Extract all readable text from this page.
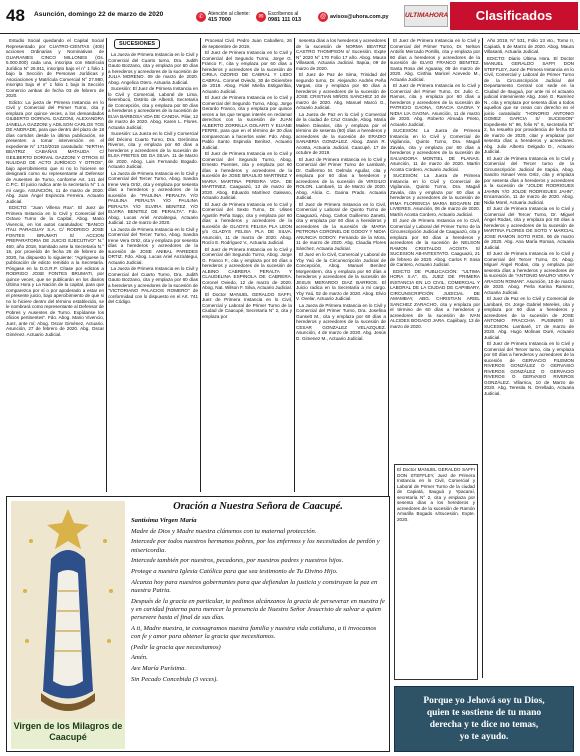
48 Asunción, domingo 22 de marzo de 2020	✆ Atención al cliente:
415 7000	✉ Escríbenos al
0981 111 013	@ avisos@uhora.com.py	ULTIMAHORA	Clasificados

Estudio Social quedando el Capital Social Representado por CUATRO-CIENTAS (400) acciones Ordinarias y Nominativas de GUARANIES CINCO MILLONES (Gs. 5.000.000) cada una, inscripta con Matrícula Jurídica N° 26.911, inscripto bajo el n° 1 folio 1 bajo la Sección de Personas Jurídicas y Asociaciones y Matrícula Comercial N° 27.980, inscripto bajo el n° 1 folio 1 bajo la Sección Comercio ambas de fecha 03 de febrero de 2020.

Edicto: La jueza de Primera Instancia en lo Civil y Comercial del Primer Turno, cita y emplaza por quince veces, a los demandados GILBERTO DORIVAL GAZZONI, ALEXANDRA JANELLA GAZZONI y ADILSON CARLOS TOS DE ANDRADE, para que dentro del plazo de 18 días corridos desde la última publicación, se presenten a tomar intervención en el expediente N° 1710/2018 caratulado: "NIRTHA BEATRIZ CABAÑAS MATAUDA C/ GEILBERTO DORIVAL GAZZONI Y OTROS S/ NULIDAD DE ACTO JURÍDICO Y OTROS", bajo apercibimiento que si no lo hicieren se designará como su representante al Defensor de Ausentes de Turno, conforme Art. 141 del C.P.C. El juicio radica ante la secretaría N° 1 a mi cargo. ASUNCIÓN, 11 de marzo de 2020. Abg. Juan Ángel Espinoza Ferreira. Actuario Judicial.

EDICTO: "Juan Villena Roa". El Juez de Primera Instancia en lo Civil y Comercial del Octavo Turno de la Capital, Abog. Mario Vivencio, en los autos caratulados: "BANCO ITAU PARAGUAY S.A. C/ RODRIGO JOSE FONTES BRUMATI S/ ACCION PREPARATORIA DE JUICIO EJECUTIVO" N.° 460, año 2018, tramitado ante la Secretaría N.° 15, por proveído de fecha 25 de febrero de 2020, ha dispuesto lo siguiente: "Agréguese la publicación de edicto remitido a la Secretaría. Póngase en la D.G.R.P. Cítase por edictos a RODRIGO JOSE FONTES BRUMATI, por quince veces, que se publicarán en los diarios Última Hora y La Nación de la capital, para que comparezca por sí o por apoderado a estar en el presente juicio, bajo apercibimiento de que si no lo hiciere dentro del término establecido, se le nombrará como representante al Defensor de Pobres y Ausentes de Turno. Expídanse los oficios pertinentes". Fdo. Abog. Mario Vivencio, Juez, ante mí: Abog. Oscar Giménez, Actuario. Asunción, 27 de febrero de 2020. Abg. Oscar Giménez. Actuario Judicial.

SUCESIONES

La Jueza de Primera Instancia en lo Civil y Comercial del Cuarto turno, Dra. Judith Gauto Bozzano, cita y emplaza por 60 días a herederos y acreedores de la sucesión de JULIA MORENO. 09 de marzo de 2020. Abog. Angelica Otero. Actuaria Judicial.

Sucesión: El Juez de Primera Instancia en lo Civil y Comercial, Laboral de Lima, Ñeembucú, Distrito de Alberdi, Secretaría de Concepción, cita y emplaza por 60 días a herederos y acreedores de la sucesión de ELVA BARBOSA VDA DE CANDIA. Pilar, 12 de marzo de 2020. Abog. Karen L. Flores. Actuaria Judicial.

Sucesión: La Jueza en lo Civil y Comercial del Décimo Cuarto Turno, Dra. Gerónima Riveros, cita y emplaza por 60 días a herederos y acreedores de la sucesión de ELSA FRETES DE DA SILVA. 11 de Marzo de 2020. Abog. Luis Fernando Bogado. Actuario Judicial.

La Jueza de Primera Instancia en lo Civil y Comercial del Tercer Turno, Abog. Sandra Irene Vera Ortiz, cita y emplaza por sesenta días a herederos y acreedores de la sucesión de "PAULINA PERALTA Y/O PAULINA PERALTA Y/O PAULINA PERALTA Y/O ELVIRA BENITEZ Y/O ELVIRA BENITEZ DE PERALTA". Fdo. Abog. Lucas Ariel Anzoátegui, Actuario Judicial. 12 de marzo de 2020.

La Jueza de Primera Instancia en lo Civil y Comercial del Tercer Turno, Abog. Sandra Irene Vera Ortiz, cita y emplaza por sesenta días a herederos y acreedores de la sucesión de JOSE ANIBAL PAREDES ORTIZ. Fdo. Abog. Lucas Ariel Anzoátegui, Actuario Judicial.

La Jueza de Primera Instancia en lo Civil y Comercial del Cuarto Turno, Dra. Judith Gauto Bozzano, cita y emplaza por 60 días a herederos y acreedores de la sucesión de "VICTORIANO PALACIOS ROMERO" de conformidad con lo dispuesto en el Art. 741 del Código.

Procesal Civil. Pedro Juan Caballero, 26 de septiembre de 2019.

El Juez de Primera Instancia en lo Civil y Comercial del Segundo Turno, Jorge G. Franco F., cita y emplaza por 60 días a herederos y acreedores de la sucesión de CIRILA OZORIO DE CABRAL Y LIDIO CABRAL. Coronel Oviedo, 30 de Diciembre de 2019. Abog. Fidel Mieña Estigarribia, Actuario Judicial.

El Juez de Primera Instancia en lo Civil y Comercial del Segundo Turno, Abog. Jorge Gerardo Franco, cita y emplaza por quince veces a los que tengan interés en reclamar derechos con la sucesión de JUAN ALBERTO ZORRILLA GOLARTI Y ELIANE FERRE, para que en el término de 30 días comparezcan a hacerlos valer. Fdo. Abog. Pablo Santo Espinola Benítez, Actuario Judicial.

El Juez de Primera Instancia en lo Civil y Comercial del Segundo Turno, Abog. Ernesto Puentes, cita y emplaza por 60 días a herederos y acreedores de la sucesión de JOSE BRAULIO MARTINEZ Y MARIA MARTINA PEREIRA VDA. DE MARTINEZ. Caaguazú, 13 de marzo de 2020. Abog. Eduardo Martínez Galeano, Actuario Judicial.

El Juez de Primera Instancia en lo Civil y Comercial del Sexto Turno, Dr. Ulises Agustín Peña Sapp, cita y emplaza por 60 días a herederos y acreedores de la sucesión de GLADYS FELISA PLA LEON y/o GLADYS FELISA PLA DE SILVA. Asunción, 11 de marzo de 2020. Abog. Rocío E. Rodríguez V., Actuaria Judicial.

El Juez de Primera Instancia en lo Civil y Comercial del Segundo Turno, Abog. Jorge G. Franco F., cita y emplaza por 60 días a herederos y acreedores de la sucesión de ALBINO CABRERA PERALTA Y CLAUDELINA ESPINOLA DE CABRERA. Coronel Oviedo, 12 de marzo de 2020. Abog. Nat. Wilson F. Silva, Actuario Judicial.

El Doctor MANUEL GERALDO SAFFI, Juez de Primera Instancia en lo Civil, Comercial y Laboral de Primer Turno de la Ciudad de Caacupé, Secretaría N° 2, cita y emplaza por

sesenta días a los herederos y acreedores de la sucesión de NORMA BEATRIZ CASTRO THOMPSON s/ Sucesión. Expte N° 2020 N° 170 Folio 17 año. Abog. Maura Villasanti, Actuaria Judicial. Itapúa, 09 de marzo de 2020.

El Juez de Paz de Sima, Trinidad del segundo turno, Dr. Alejandro Andrés Peña Vargas, cita y emplaza por 60 días a herederos y acreedores de la sucesión de JOSE CRISTIAN MIÑOS SANCHEZ 10 de marzo de 2020. Abg. Manuel Marcó G., Actuario Judicial.

La Jueza de Paz en lo Civil y Comercial de la ciudad de Cruz Grande, Abog. María Mailen Dávalos, cita y emplaza por el término de sesenta (60) días a herederos y acreedores de la sucesión de ERADIO SANABRIA GONZALEZ. Abog. Zanin R. Acosta, Actuaria Judicial. Caacupé, 17 de octubre de 2019.

El Juez de Primera Instancia en lo Civil y Comercial del Primer Turno de Lambaré, Dr. Guillermo M. Delmás Aguilar, cita y emplaza por 60 días a herederos y acreedores de la sucesión de VIRGILIO ROLON. Lambaré, 11 de Marzo de 2020. Abog. Alicia C. Gaona Prado. Actuaria Judicial.

El Juez de Primera Instancia en lo Civil, Comercial y Laboral de Quinto Turno de Caaguazú, Abog. Carlos Guillermo Zanetti, cita y emplaza por 60 días a herederos y acreedores de la sucesión de MARIA PETRONA CORONEL DE GODOY Y NIDIA ANUNCIA GODOY. Fernando de la Mora, 11 de marzo de 2020. Abg. Claudia Flores Sánchez, Actuaria Judicial.

El Juez en lo Civil, Comercial y Laboral de Yby Yaú de la Circunscripción Judicial de Concepción, Abog. Manuel Benítez Morgenstern, cita y emplaza por 60 días a herederos y acreedores de la sucesión de JESUS MERARDO DIAZ BARRIOS. El Juicio radica en la Secretaría a mi cargo. Yby Yaú, 02 de marzo de 2020. Abog. Elvio V. Ovelar, Actuario Judicial.

La Jueza de Primera Instancia en lo Civil y Comercial del Primer Turno, Dra. Josefina Gunsett M., cita y emplaza por 60 días a herederos y acreedores de la sucesión de CESAR GONZALEZ VELAZQUEZ. Asunción, 4 de marzo de 2020. Abg. Jesús D. Gimenez M., Actuario Judicial.

El Juez de Primera Instancia en lo Civil y Comercial del Primer Turno, Dr. Nelson Antolín Mercado Portillo, cita y emplaza por 60 días a herederos y acreedores de la sucesión de ELVIO FRANCO BENITEZ. Santa Rosa del Aguaray, 09 de marzo de 2020. Abg. Cinthia Maricel Acevedo M., Actuaria Judicial.

El Juez de Primera Instancia en lo Civil y Comercial del Primer Turno, Dr. Julio C. Ramos, cita y emplaza por 60 días a herederos y acreedores de la sucesión de PATRICIO GAONA, GRACIA GAONA Y NIDIA LIA GAONA. Asunción, 11 de marzo de 2020. Abg. Roberto Almada Prieto, Actuario Judicial.

SUCESIÓN: La Jueza de Primera Instancia en lo Civil y Comercial de Vigilancia, Quinto Turno, Dra. Magalí Zavala, cita y emplaza por 60 días a herederos y acreedores de la sucesión de SALVADORA MONTIEL DE PLANAS. Asunción, 11 de marzo de 2020. Martín Acosta Cordero, Actuario Judicial.

SUCESIÓN: La Jueza de Primera Instancia en lo Civil y Comercial de Vigilancia, Quinto Turno, Dra. Magalí Zavala, cita y emplaza por 60 días a herederos y acreedores de la sucesión de IRMA FLORENCIA MARIA BOGARIN DE LIVIERES. Asunción, 06 de marzo de 2020. Martín Acosta Cordero, Actuario Judicial.

El Juez de Primera Instancia en lo Civil, Comercial y Laboral del Primer Turno de la Circunscripción Judicial de Caaguazú, cita y emplaza por 60 días a herederos y acreedores de la sucesión de NELSON RAMON CRISTALDO ACOSTA S/ SUCESION AB-INTESTATO. Caaguazú, 21 de febrero de 2020. Abog. Carlos F. Sosa de Cantero, Actuario Judicial.

EDICTO DE PUBLICACIÓN: "ULTIMA HORA S.A". EL JUEZ DE PRIMERA INSTANCIA EN LO CIVIL, COMERCIAL Y LABORAL DE LA CIUDAD DE CAPIIBARY, CIRCUNSCRIPCIÓN JUDICIAL DE AMAMBAY, ABG. CHRISTIAN ARIEL SANCHEZ ZARACHO, cita y emplaza por el término de 60 días a herederos y acreedores de la sucesión de IVAN ALCIDES BOGADO JARA. Capiibary, 13 de marzo de 2020.

Año 2019, N° 531, Folio 13 vto., Tomo II, Capiatá, 5 de Marzo de 2020. Abog. Maura Villasanti, Actuaria Judicial.

EDICTO: Diario Última Hora. El Doctor MANUEL GERALDO SAFFI DON STEFFLEY, Juez de Primera Instancia en lo Civil, Comercial y Laboral de Primer Turno de la Circunscripción Judicial del Departamento Central con sede en la Ciudad de Itauguá, por ante mi el actuario judicial interviniente Abg. José G. Ramírez N., cita y emplaza por sesenta días a todos aquellos que se crean con derecho en el juicio caratulado: "HONORIO ANTONIO GOMEZ GARCIA S/ SUCESION" Expediente N° 96, folio N° 6, secretaría N° 2, ha resuelto por providencia de fecha 03 de marzo de 2020, citar y emplazar por sesenta días a herederos y acreedores. Abg. Julio Alberto Delgado D., Actuario Judicial.

El Juez de Primera Instancia en lo Civil y Comercial del Tercer turno de la Circunscripción Judicial de Itapúa, Abog. Sandro Ismael Vera Ortiz, cita y emplaza por sesenta días a herederos y acreedores a la sucesión de "JOLDE RODRIGUES JAHNN Y/O JOLDE RODRIGUES JAHN". Encarnación, 11 de marzo de 2020. Abog. Nidia Morel, Actuaria Judicial.

El Juez de Primera Instancia en lo Civil y Comercial del Tercer Turno, Dr. Miguel Ángel Rodas, cita y emplaza por 60 días a herederos y acreedores de la sucesión de MARTINA FLORES DE SOTO Y MARCIAL JOSE RAMON SOTO RIOS. 06 de marzo de 2020. Abg. Ana María Roman, Actuaria Judicial.

El Juez de Primera Instancia en lo Civil y Comercial del Tercer Turno, Dr. Abog. Miguel Ángel Rodas, cita y emplaza por sesenta días a herederos y acreedores de la sucesión de "ANTONIO MAURO VERA Y ARAGON ROMAN". Asunción, 10 de marzo de 2020. Abog. Perla Karina Ramirez, Actuaria Judicial.

El Juez de Paz en lo Civil y Comercial de Lambaré, Dr. Jorge Gabriel Mereles, cita y emplaza por 60 días a herederos y acreedores de la sucesión de JOSE ANTONIO FRACCHIA PUSINERI S/ SUCESION. Lambaré, 17 de marzo de 2020. Abg. Hugo Molinas Duré, Actuario Judicial.

El Juez de Primera Instancia en lo Civil y Comercial del Tercer turno, cita y emplaza por 60 días a herederos y acreedores de la sucesión de GERVACIO FILEMON RIVEROS GONZÁLEZ O GERVASIO RIVEROS GONZÁLEZ O GERVACIO RIVEROS O GERVASIO RIVEROS GONZÁLEZ. Villarrica, 10 de Marzo de 2020. Abg. Teresita N. Orrellado, Actuaria Judicial.

El Doctor MANUEL GERALDO SAFFI DON STEFFLEY, Juez de Primera Instancia en lo Civil, Comercial y Laboral de Primer Turno de la ciudad de Capiatá, Itauguá y Ypacaraí, secretaría N° 2, cita y emplaza por sesenta días a los herederos y acreedores de la sucesión de Ramón Amarilla Bogado s/Sucesión. Expte. 2020.

Virgen de los Milagros de Caacupé
Oración a Nuestra Señora de Caacupé.

Santísima Virgen María

Madre de Dios y Madre nuestra clámenos con tu maternal protección.

Intercede por todos nuestros hermanos pobres, por los enfermos y los necesitados de perdón y misericordia.

Intercede también por nuestros, pecadores, por nuestros padres y nuestros hijos.

Protege a nuestra Iglesia Católica para que sea testimonio de Tu Divino Hijo.

Alcanza hoy para nuestros gobernantes para que defiendan la justicia y construyan la paz en nuestra Patria.

Después de la gracia en particular, te pedimos alcánzanos la gracia de perseverar en nuestra fe y en caridad fraterna para merecer la presencia de Nuestro Señor Jesucristo de salvar a quien persevere hasta el final de sus días.

A ti, Madre nuestra, te consagramos nuestra familia y nuestra vida cotidiana, a ti invocamos con fe y amor para obtener la gracia que necesitamos.

(Pedir la gracia que necesitamos)

Amén.

Ave María Purísima.

Sin Pecado Concebida (3 veces).

Porque yo Jehová soy tu Dios,
quien te sostiene de tu mano
derecha y te dice no temas,
yo te ayudo.
